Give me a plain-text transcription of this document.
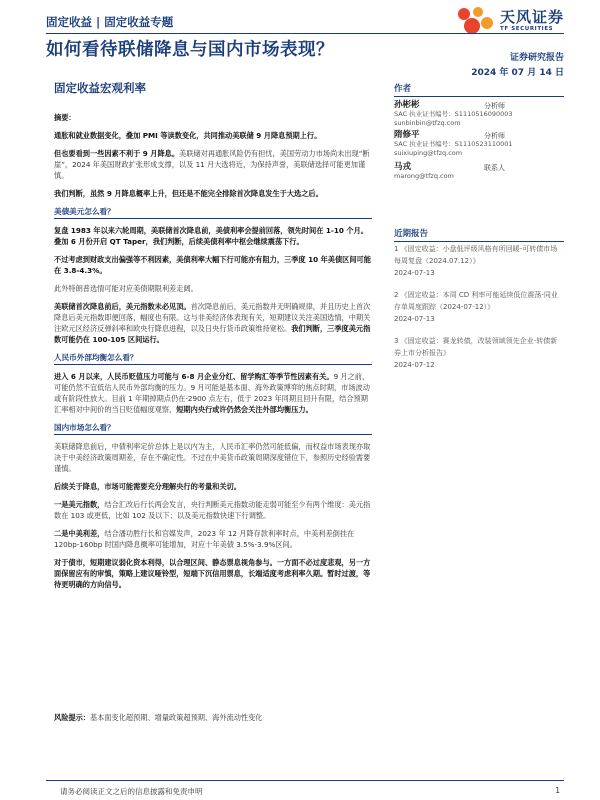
固定收益 | 固定收益专题	天风证券
TF SECURITIES
如何看待联储降息与国内市场表现？	证券研究报告
2024 年 07 月 14 日
固定收益宏观利率

摘要：

通胀和就业数据变化，叠加 PMI 等读数变化，共同推动美联储 9 月降息预期上行。

但也要看到一些因素不利于 9 月降息。美联储对再通胀风险仍有担忧，美国劳动力市场尚未出现“断崖”，2024 年美国财政扩张形成支撑，以及 11 月大选将近，为保持声誉，美联储选择可能更加谨慎。

我们判断，虽然 9 月降息概率上升，但还是不能完全排除首次降息发生于大选之后。

美债美元怎么看？

复盘 1983 年以来六轮周期，美联储首次降息前，美债利率会提前回落，领先时间在 1-10 个月。叠加 6 月份开启 QT Taper，我们判断，后续美债利率中枢会继续震荡下行。

不过考虑到财政支出偏强等不利因素，美债利率大幅下行可能亦有阻力，三季度 10 年美债区间可能在 3.8-4.3%。

此外特朗普选情可能对应美债期限利差走阔。

美联储首次降息前后，美元指数未必见顶。首次降息前后，美元指数并无明确规律，并且历史上首次降息后美元指数即便回落，幅度也有限。这与非美经济体表现有关，短期建议关注美国选情，中期关注欧元区经济反弹斜率和欧央行降息进程，以及日央行货币政策维持宽松。我们判断，三季度美元指数可能仍在 100-105 区间运行。

人民币外部均衡怎么看？

进入 6 月以来，人民币贬值压力可能与 6-8 月企业分红、留学购汇等季节性因素有关。9 月之前，可能仍然不宜低估人民币外部均衡的压力。9 月可能是基本面、海外政策博弈的焦点时期，市场波动或有阶段性放大。目前 1 年期掉期点仍在-2900 点左右，低于 2023 年同期且回升有限，结合预期汇率相对中间价的当日贬值幅度观察，短期内央行或许仍然会关注外部均衡压力。

国内市场怎么看？

美联储降息前后，中债利率定价总体上是以内为主，人民币汇率仍然可能低偏，而权益市场表现亦取决于中美经济政策周期差，存在不确定性。不过在中美货币政策周期深度错位下，参照历史经验需要谨慎。

后续关于降息，市场可能需要充分理解央行的考量和关切。

一是美元指数，结合汇改后行长两会发言，央行判断美元指数动能走弱可能至少有两个维度：美元指数在 103 或更低，比如 102 及以下；以及美元指数快速下行调整。

二是中美利差，结合潘功胜行长和官媒发声，2023 年 12 月降存款利率时点，中美利差倒挂在 120bp-160bp 时国内降息概率可能增加，对应十年美债 3.5%-3.9%区间。

对于债市，短期建议弱化资本利得，以合理区间、静态票息视角参与。一方面不必过度悲观，另一方面保留应有的审慎，策略上建议哑铃型，短端下沉信用票息，长端适度考虑利率久期。暂时过渡，等待更明确的方向信号。

风险提示：基本面变化超预期、增量政策超预期、海外流动性变化
作者
孙彬彬	分析师
SAC 执业证书编号：S1110516090003
sunbinbin@tfzq.com
隋修平	分析师
SAC 执业证书编号：S1110523110001
suixiuping@tfzq.com
马戎	联系人
marong@tfzq.com
近期报告
1 《固定收益：小盘低评级风格有所回暖-可转债市场每周复盘（2024.07.12）》
2024-07-13
2 《固定收益：本周 CD 利率可能延续低位震荡-同业存单周度跟踪（2024-07-12）》
2024-07-13
3 《固定收益：赛龙转债，改装领域领先企业-转债新券上市分析报告》
2024-07-12
请务必阅读正文之后的信息披露和免责申明	1
